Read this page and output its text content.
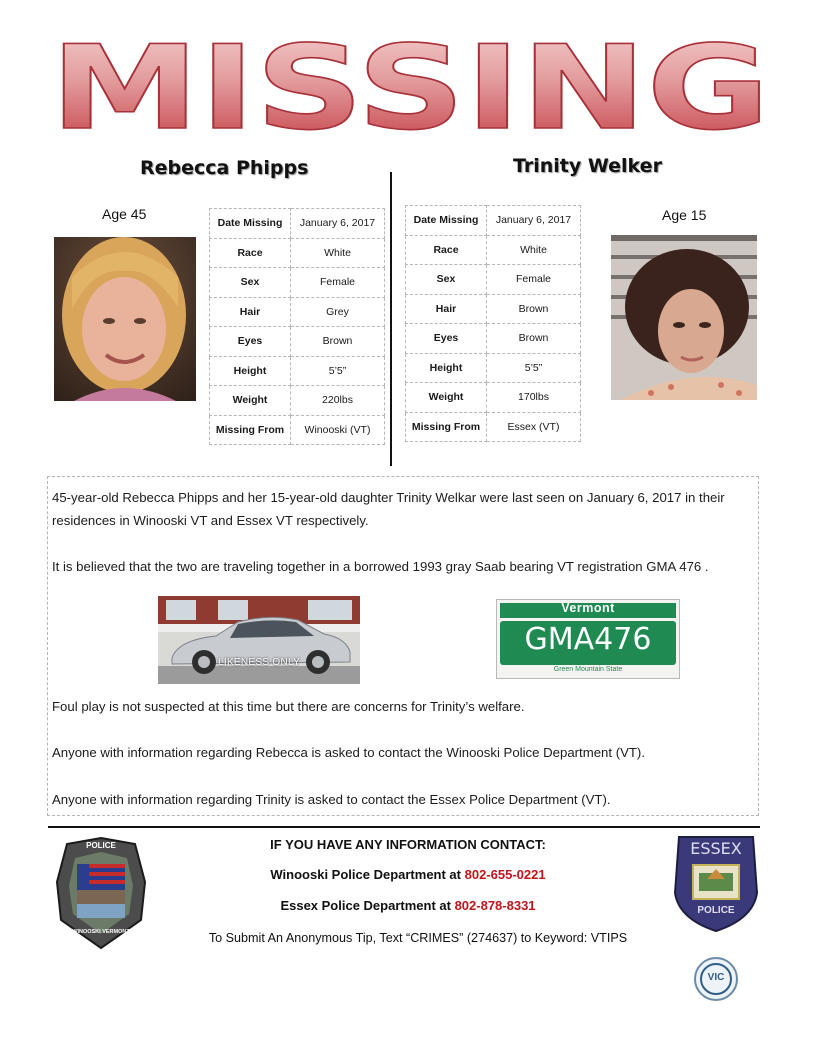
MISSING
Rebecca Phipps	Trinity Welker
Age 45	Age 15
Date Missing	January 6, 2017
Race	White
Sex	Female
Hair	Grey
Eyes	Brown
Height	5’5”
Weight	220lbs
Missing From	Winooski (VT)
Date Missing	January 6, 2017
Race	White
Sex	Female
Hair	Brown
Eyes	Brown
Height	5’5”
Weight	170lbs
Missing From	Essex (VT)
45-year-old Rebecca Phipps and her 15-year-old daughter Trinity Welkar were last seen on January 6, 2017 in their residences in Winooski VT and Essex VT respectively.
It is believed that the two are traveling together in a borrowed 1993 gray Saab bearing VT registration GMA 476 .
LIKENESS ONLY
Vermont
GMA476
Green Mountain State
Foul play is not suspected at this time but there are concerns for Trinity’s welfare.
Anyone with information regarding Rebecca is asked to contact the Winooski Police Department (VT).
Anyone with information regarding Trinity is asked to contact the Essex Police Department (VT).
POLICE
WINOOSKI VERMONT
IF YOU HAVE ANY INFORMATION CONTACT:
Winooski Police Department at 802-655-0221
Essex Police Department at 802-878-8331
To Submit An Anonymous Tip, Text “CRIMES” (274637) to Keyword: VTIPS
ESSEX
POLICE
VIC
